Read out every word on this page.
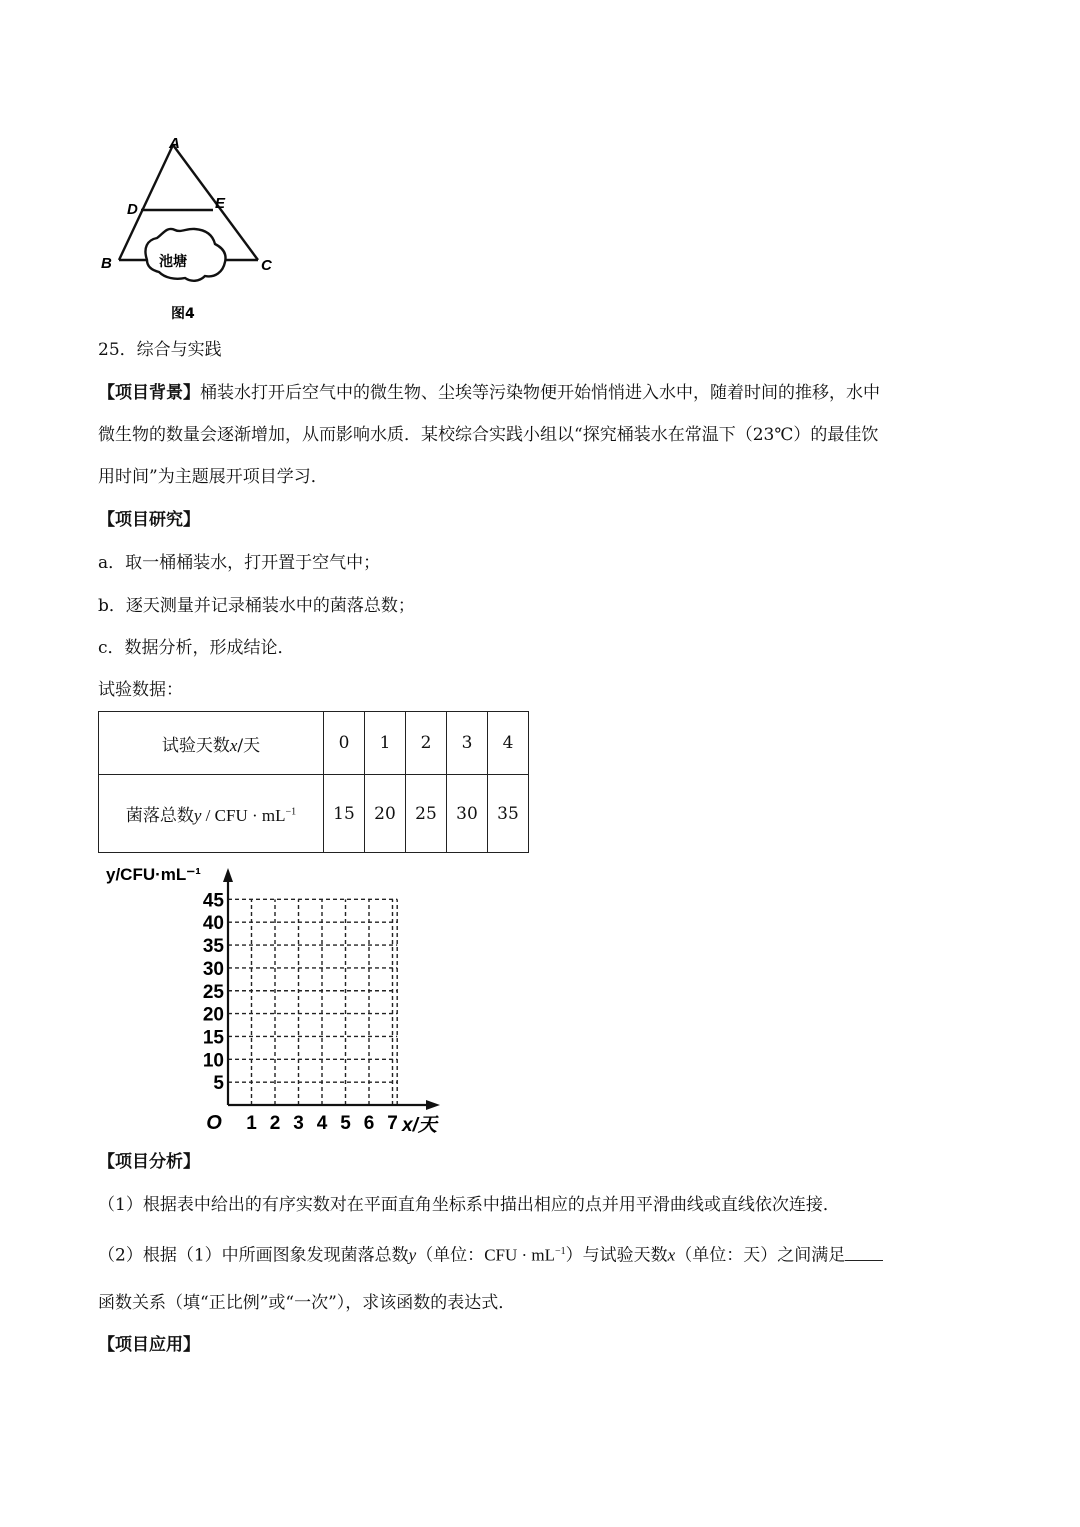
A
D	E
B	C
池塘
图4
25．综合与实践
【项目背景】桶装水打开后空气中的微生物、尘埃等污染物便开始悄悄进入水中，随着时间的推移，水中
微生物的数量会逐渐增加，从而影响水质．某校综合实践小组以“探究桶装水在常温下（23℃）的最佳饮
用时间”为主题展开项目学习．
【项目研究】
a．取一桶桶装水，打开置于空气中；
b．逐天测量并记录桶装水中的菌落总数；
c．数据分析，形成结论．
试验数据：
试验天数x/天	0	1	2	3	4
菌落总数y / CFU · $mL^{-1}$	15	20	25	30	35
5
10
15
20
25
30
35
40
45
1 2 3 4 5 6 7
O
y/CFU·mL⁻¹
x/天
【项目分析】
（1）根据表中给出的有序实数对在平面直角坐标系中描出相应的点并用平滑曲线或直线依次连接．
（2）根据（1）中所画图象发现菌落总数y（单位：CFU · $mL^{-1}$）与试验天数x（单位：天）之间满足
函数关系（填“正比例”或“一次”），求该函数的表达式．
【项目应用】
